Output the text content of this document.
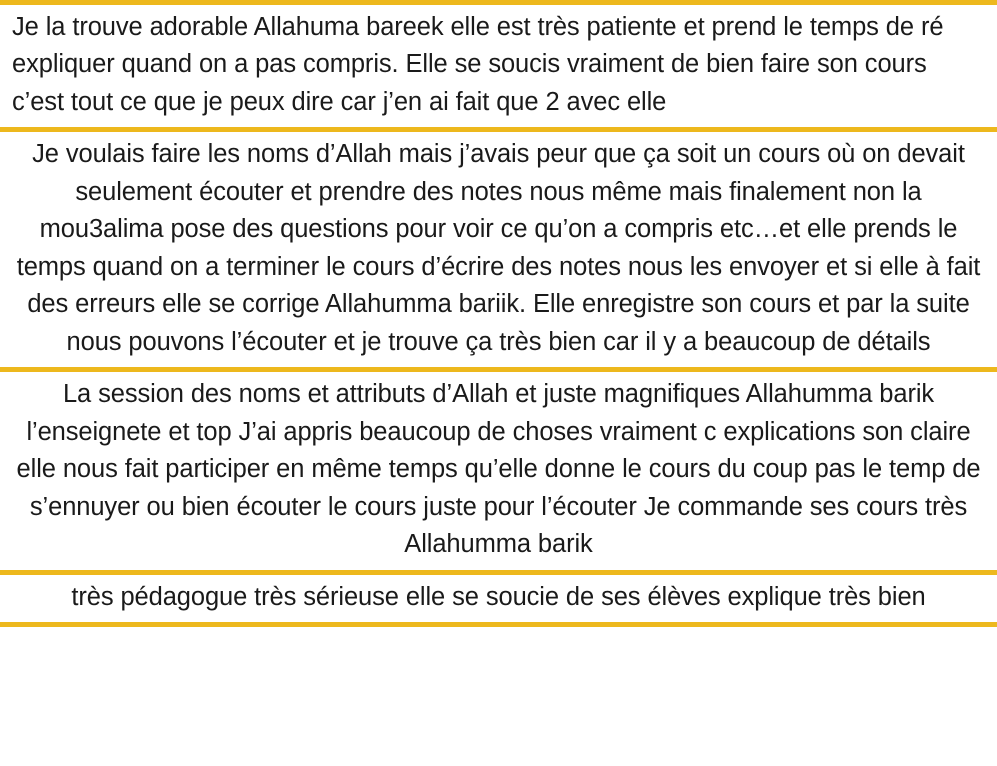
Je la trouve adorable Allahuma bareek elle est très patiente et prend le temps de ré expliquer quand on a pas compris. Elle se soucis vraiment de bien faire son cours c’est tout ce que je peux dire car j’en ai fait que 2 avec elle
Je voulais faire les noms d’Allah mais j’avais peur que ça soit un cours où on devait seulement écouter et prendre des notes nous même mais finalement non la mou3alima pose des questions pour voir ce qu’on a compris etc…et elle prends le temps quand on a terminer le cours d’écrire des notes nous les envoyer et si elle à fait des erreurs elle se corrige Allahumma bariik. Elle enregistre son cours et par la suite nous pouvons l’écouter et je trouve ça très bien car il y a beaucoup de détails
La session des noms et attributs d’Allah et juste magnifiques Allahumma barik l’enseignete et top J’ai appris beaucoup de choses vraiment c explications son claire elle nous fait participer en même temps qu’elle donne le cours du coup pas le temp de s’ennuyer ou bien écouter le cours juste pour l’écouter Je commande ses cours très Allahumma barik
très pédagogue très sérieuse elle se soucie de ses élèves explique très bien
